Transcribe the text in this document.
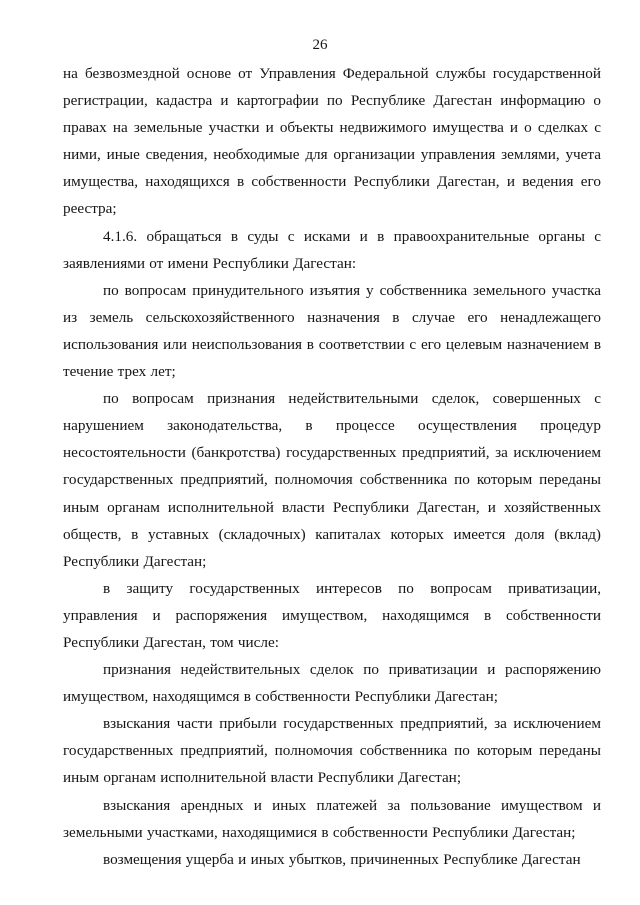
26

на безвозмездной основе от Управления Федеральной службы государственной регистрации, кадастра и картографии по Республике Дагестан информацию о правах на земельные участки и объекты недвижимого имущества и о сделках с ними, иные сведения, необходимые для организации управления землями, учета имущества, находящихся в собственности Республики Дагестан, и ведения его реестра;

4.1.6. обращаться в суды с исками и в правоохранительные органы с заявлениями от имени Республики Дагестан:

по вопросам принудительного изъятия у собственника земельного участка из земель сельскохозяйственного назначения в случае его ненадлежащего использования или неиспользования в соответствии с его целевым назначением в течение трех лет;

по вопросам признания недействительными сделок, совершенных с нарушением законодательства, в процессе осуществления процедур несостоятельности (банкротства) государственных предприятий, за исключением государственных предприятий, полномочия собственника по которым переданы иным органам исполнительной власти Республики Дагестан, и хозяйственных обществ, в уставных (складочных) капиталах которых имеется доля (вклад) Республики Дагестан;

в защиту государственных интересов по вопросам приватизации, управления и распоряжения имуществом, находящимся в собственности Республики Дагестан, том числе:

признания недействительных сделок по приватизации и распоряжению имуществом, находящимся в собственности Республики Дагестан;

взыскания части прибыли государственных предприятий, за исключением государственных предприятий, полномочия собственника по которым переданы иным органам исполнительной власти Республики Дагестан;

взыскания арендных и иных платежей за пользование имуществом и земельными участками, находящимися в собственности Республики Дагестан;

возмещения ущерба и иных убытков, причиненных Республике Дагестан
